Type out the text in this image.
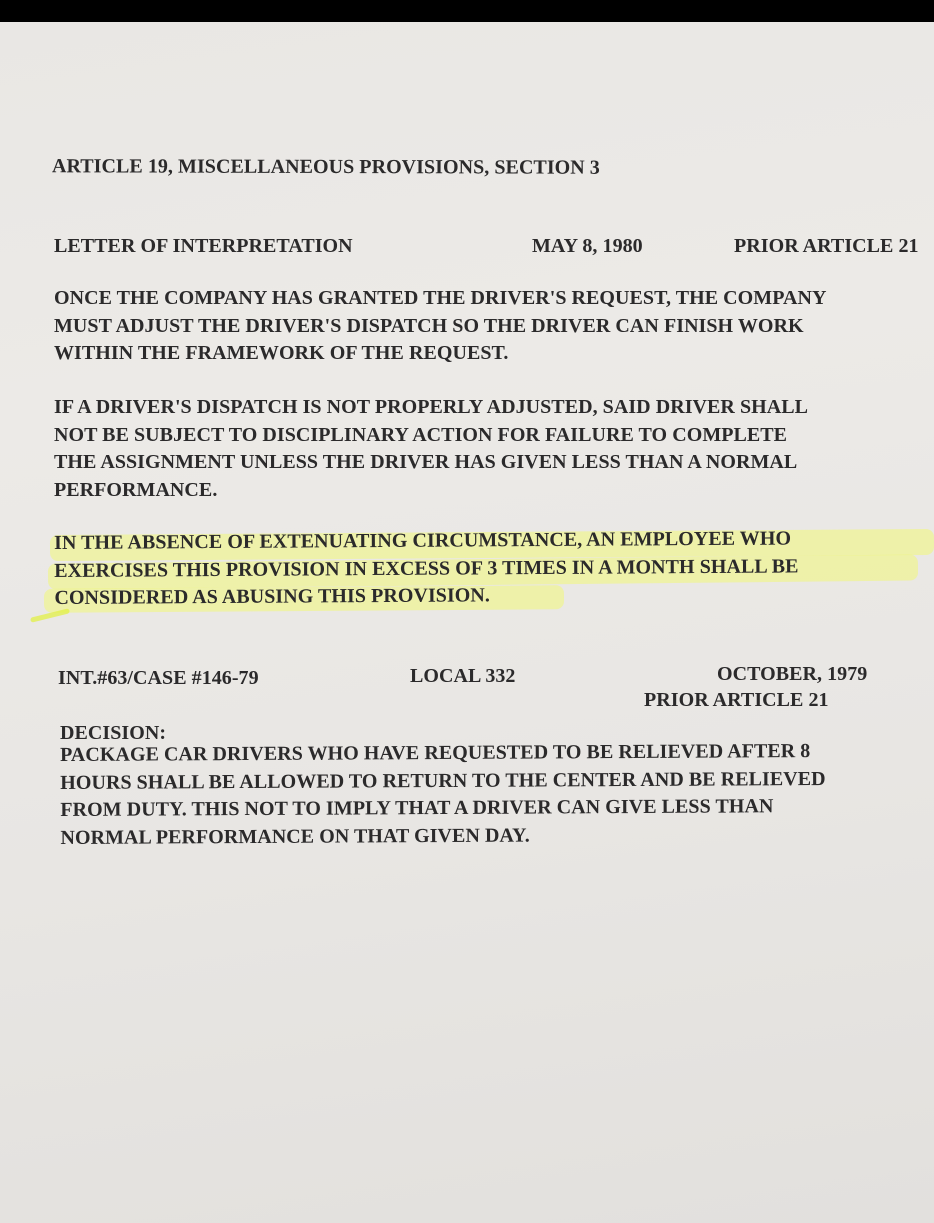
ARTICLE 19, MISCELLANEOUS PROVISIONS, SECTION 3
LETTER OF INTERPRETATION	MAY 8, 1980	PRIOR ARTICLE 21
ONCE THE COMPANY HAS GRANTED THE DRIVER'S REQUEST, THE COMPANY
MUST ADJUST THE DRIVER'S DISPATCH SO THE DRIVER CAN FINISH WORK
WITHIN THE FRAMEWORK OF THE REQUEST.
IF A DRIVER'S DISPATCH IS NOT PROPERLY ADJUSTED, SAID DRIVER SHALL
NOT BE SUBJECT TO DISCIPLINARY ACTION FOR FAILURE TO COMPLETE
THE ASSIGNMENT UNLESS THE DRIVER HAS GIVEN LESS THAN A NORMAL
PERFORMANCE.
IN THE ABSENCE OF EXTENUATING CIRCUMSTANCE, AN EMPLOYEE WHO
EXERCISES THIS PROVISION IN EXCESS OF 3 TIMES IN A MONTH SHALL BE
CONSIDERED AS ABUSING THIS PROVISION.
INT.#63/CASE #146-79	LOCAL 332	OCTOBER, 1979
PRIOR ARTICLE 21
DECISION:
PACKAGE CAR DRIVERS WHO HAVE REQUESTED TO BE RELIEVED AFTER 8
HOURS SHALL BE ALLOWED TO RETURN TO THE CENTER AND BE RELIEVED
FROM DUTY. THIS NOT TO IMPLY THAT A DRIVER CAN GIVE LESS THAN
NORMAL PERFORMANCE ON THAT GIVEN DAY.
